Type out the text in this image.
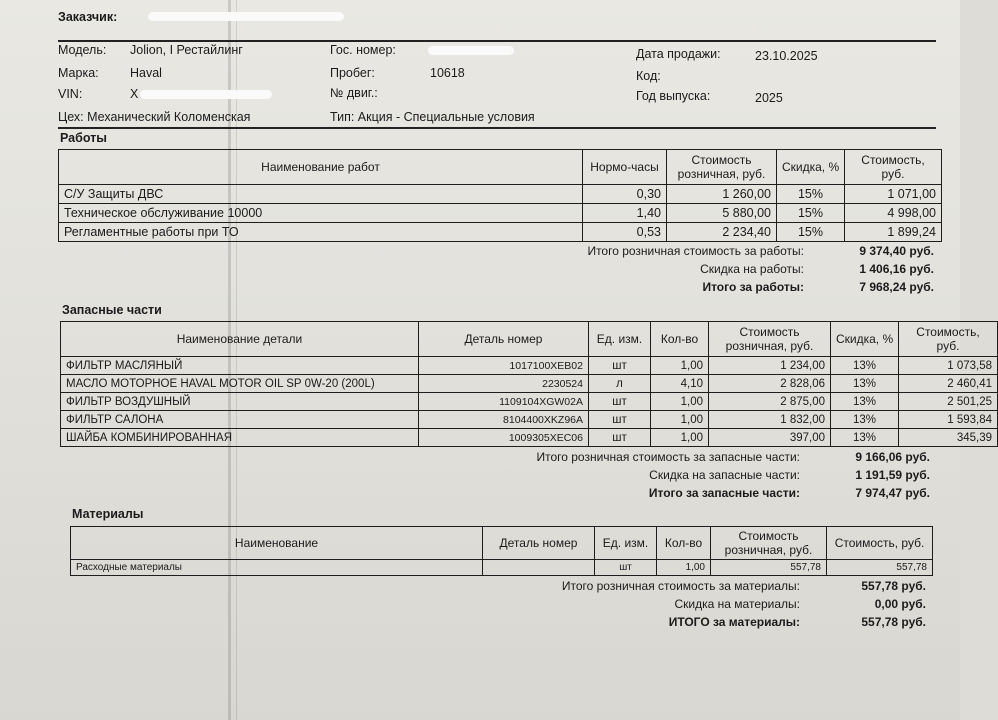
Заказчик:
Модель: Jolion, I Рестайлинг
Марка:	Haval
VIN:	X
Гос. номер:
Пробег:	10618
№ двиг.:
Дата продажи:	23.10.2025
Код:
Год выпуска:	2025
Цех: Механический Коломенская	Тип: Акция - Специальные условия
Работы
Наименование работ	Нормо-часы	Стоимость розничная, руб.	Скидка, %	Стоимость, руб.
С/У Защиты ДВС	0,30	1 260,00	15%	1 071,00
Техническое обслуживание 10000	1,40	5 880,00	15%	4 998,00
Регламентные работы при ТО	0,53	2 234,40	15%	1 899,24
Итого розничная стоимость за работы:	9 374,40 руб.
Скидка на работы:	1 406,16 руб.
Итого за работы:	7 968,24 руб.
Запасные части
Наименование детали	Деталь номер	Ед. изм.	Кол-во	Стоимость розничная, руб.	Скидка, %	Стоимость, руб.
ФИЛЬТР МАСЛЯНЫЙ	1017100XEB02	шт	1,00	1 234,00	13%	1 073,58
МАСЛО МОТОРНОЕ HAVAL MOTOR OIL SP 0W-20 (200L)	2230524	л	4,10	2 828,06	13%	2 460,41
ФИЛЬТР ВОЗДУШНЫЙ	1109104XGW02A	шт	1,00	2 875,00	13%	2 501,25
ФИЛЬТР САЛОНА	8104400XKZ96A	шт	1,00	1 832,00	13%	1 593,84
ШАЙБА КОМБИНИРОВАННАЯ	1009305XEC06	шт	1,00	397,00	13%	345,39
Итого розничная стоимость за запасные части:	9 166,06 руб.
Скидка на запасные части:	1 191,59 руб.
Итого за запасные части:	7 974,47 руб.
Материалы
Наименование	Деталь номер	Ед. изм.	Кол-во	Стоимость розничная, руб.	Стоимость, руб.
Расходные материалы		шт	1,00	557,78	557,78
Итого розничная стоимость за материалы:	557,78 руб.
Скидка на материалы:	0,00 руб.
ИТОГО за материалы:	557,78 руб.
